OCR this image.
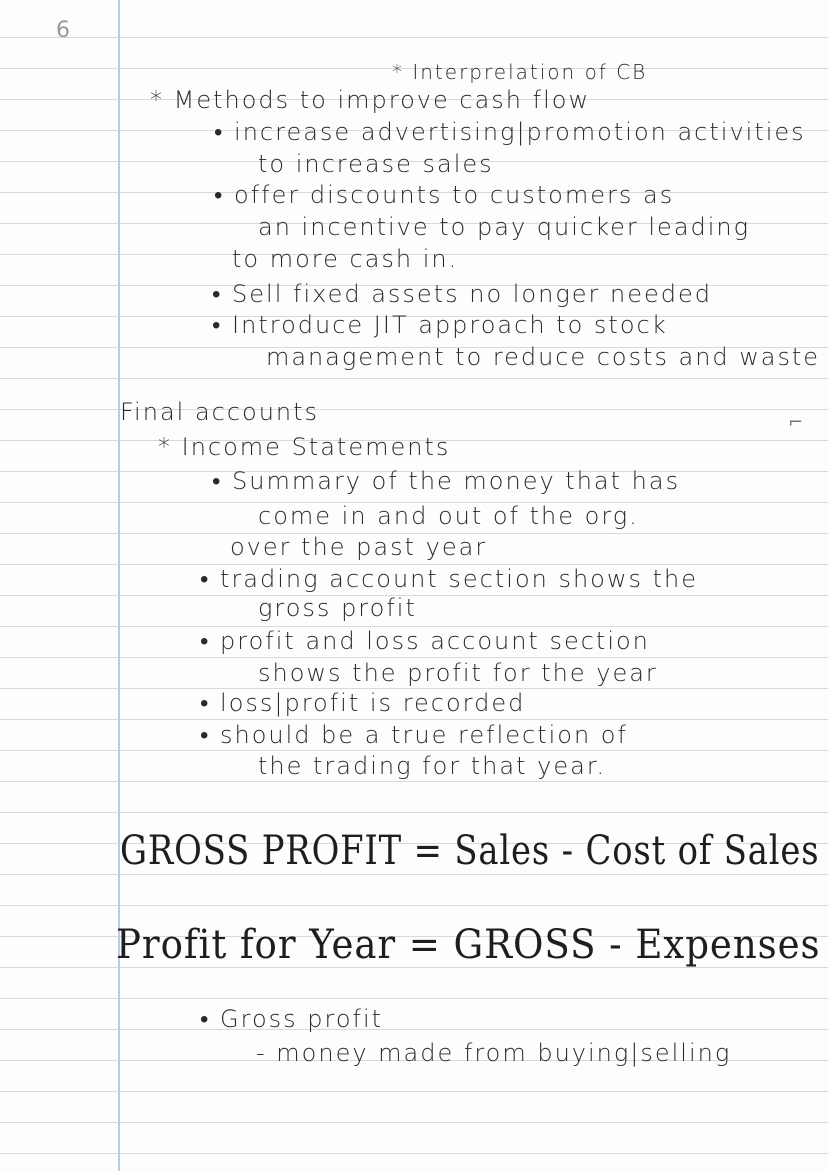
6
* Interprelation of CB
* Methods to improve cash flow
• increase advertising|promotion activities
to increase sales
• offer discounts to customers as
an incentive to pay quicker leading
to more cash in.
• Sell fixed assets no longer needed
• Introduce JIT approach to stock
management to reduce costs and waste
Final accounts	⌐
* Income Statements
• Summary of the money that has
come in and out of the org.
over the past year
• trading account section shows the
gross profit
• profit and loss account section
shows the profit for the year
• loss|profit is recorded
• should be a true reflection of
the trading for that year.
GROSS PROFIT = Sales - Cost of Sales
Profit for Year = GROSS - Expenses
• Gross profit
- money made from buying|selling
